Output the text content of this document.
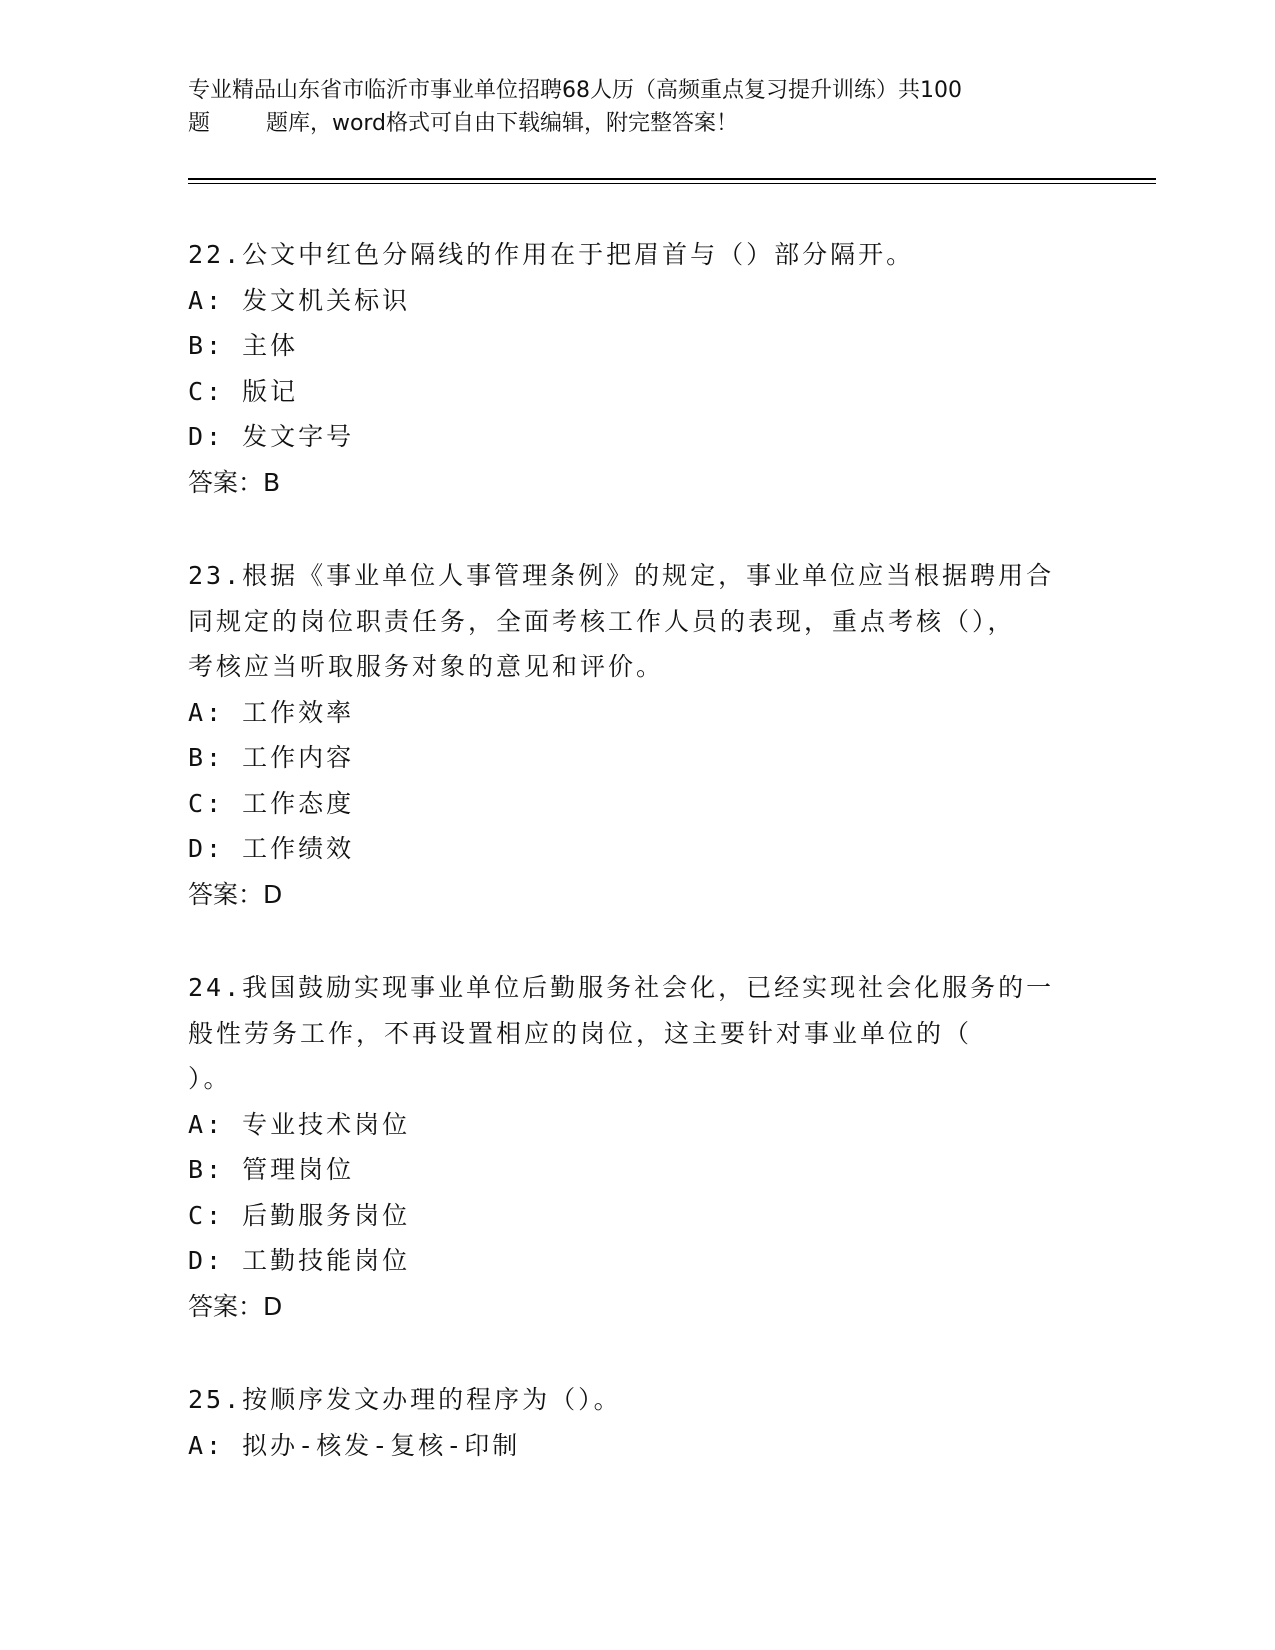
专业精品山东省市临沂市事业单位招聘68人历（高频重点复习提升训练）共100
题        题库，word格式可自由下载编辑，附完整答案！
22.公文中红色分隔线的作用在于把眉首与（）部分隔开。
A: 发文机关标识
B: 主体
C: 版记
D: 发文字号
答案：B
23.根据《事业单位人事管理条例》的规定，事业单位应当根据聘用合
同规定的岗位职责任务，全面考核工作人员的表现，重点考核（），
考核应当听取服务对象的意见和评价。
A: 工作效率
B: 工作内容
C: 工作态度
D: 工作绩效
答案：D
24.我国鼓励实现事业单位后勤服务社会化，已经实现社会化服务的一
般性劳务工作，不再设置相应的岗位，这主要针对事业单位的（
）。
A: 专业技术岗位
B: 管理岗位
C: 后勤服务岗位
D: 工勤技能岗位
答案：D
25.按顺序发文办理的程序为（）。
A: 拟办-核发-复核-印制
